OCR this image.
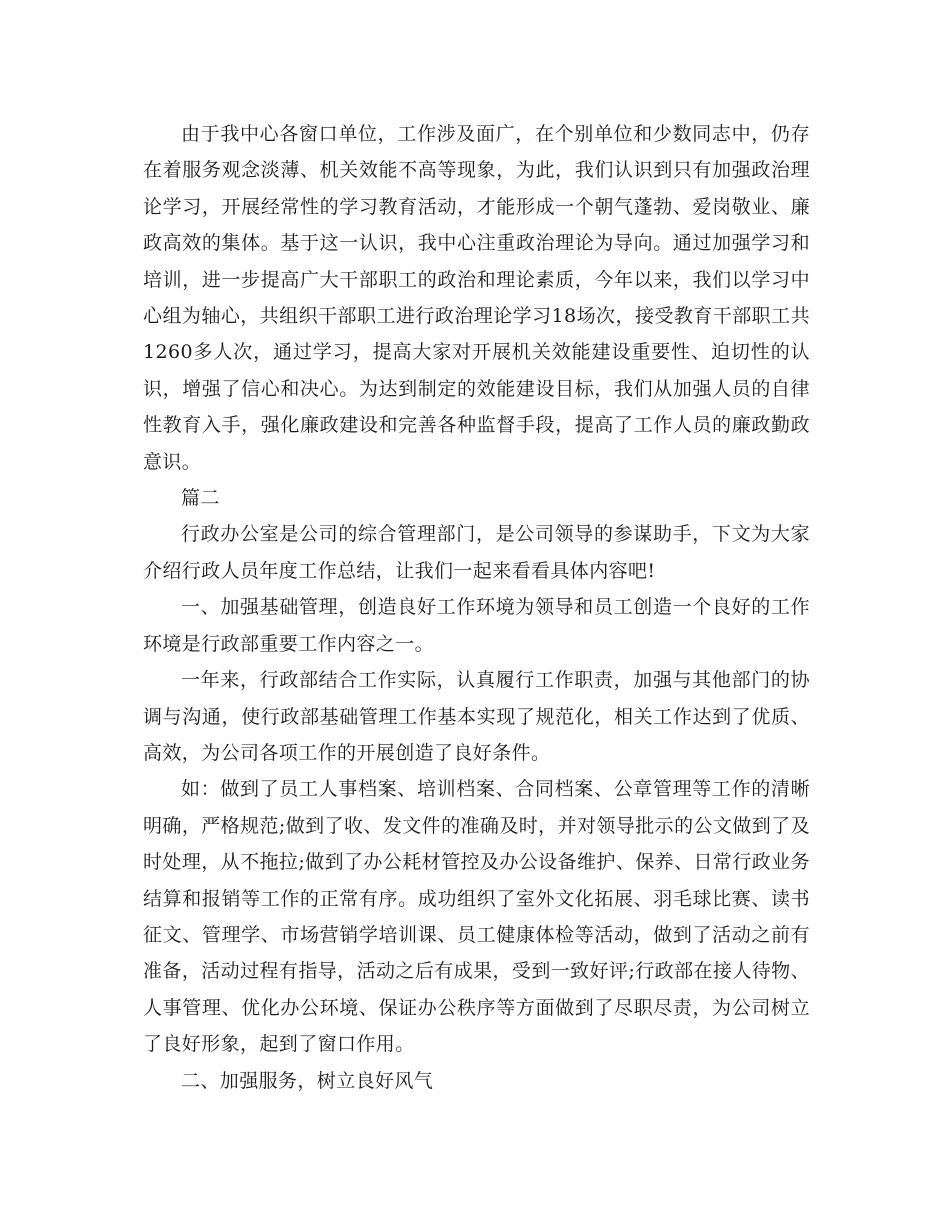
由于我中心各窗口单位，工作涉及面广，在个别单位和少数同志中，仍存在着服务观念淡薄、机关效能不高等现象，为此，我们认识到只有加强政治理论学习，开展经常性的学习教育活动，才能形成一个朝气蓬勃、爱岗敬业、廉政高效的集体。基于这一认识，我中心注重政治理论为导向。通过加强学习和培训，进一步提高广大干部职工的政治和理论素质，今年以来，我们以学习中心组为轴心，共组织干部职工进行政治理论学习18场次，接受教育干部职工共1260多人次，通过学习，提高大家对开展机关效能建设重要性、迫切性的认识，增强了信心和决心。为达到制定的效能建设目标，我们从加强人员的自律性教育入手，强化廉政建设和完善各种监督手段，提高了工作人员的廉政勤政意识。

篇二

行政办公室是公司的综合管理部门，是公司领导的参谋助手，下文为大家介绍行政人员年度工作总结，让我们一起来看看具体内容吧!

一、加强基础管理，创造良好工作环境为领导和员工创造一个良好的工作环境是行政部重要工作内容之一。

一年来，行政部结合工作实际，认真履行工作职责，加强与其他部门的协调与沟通，使行政部基础管理工作基本实现了规范化，相关工作达到了优质、高效，为公司各项工作的开展创造了良好条件。

如：做到了员工人事档案、培训档案、合同档案、公章管理等工作的清晰明确，严格规范;做到了收、发文件的准确及时，并对领导批示的公文做到了及时处理，从不拖拉;做到了办公耗材管控及办公设备维护、保养、日常行政业务结算和报销等工作的正常有序。成功组织了室外文化拓展、羽毛球比赛、读书征文、管理学、市场营销学培训课、员工健康体检等活动，做到了活动之前有准备，活动过程有指导，活动之后有成果，受到一致好评;行政部在接人待物、人事管理、优化办公环境、保证办公秩序等方面做到了尽职尽责，为公司树立了良好形象，起到了窗口作用。

二、加强服务，树立良好风气
